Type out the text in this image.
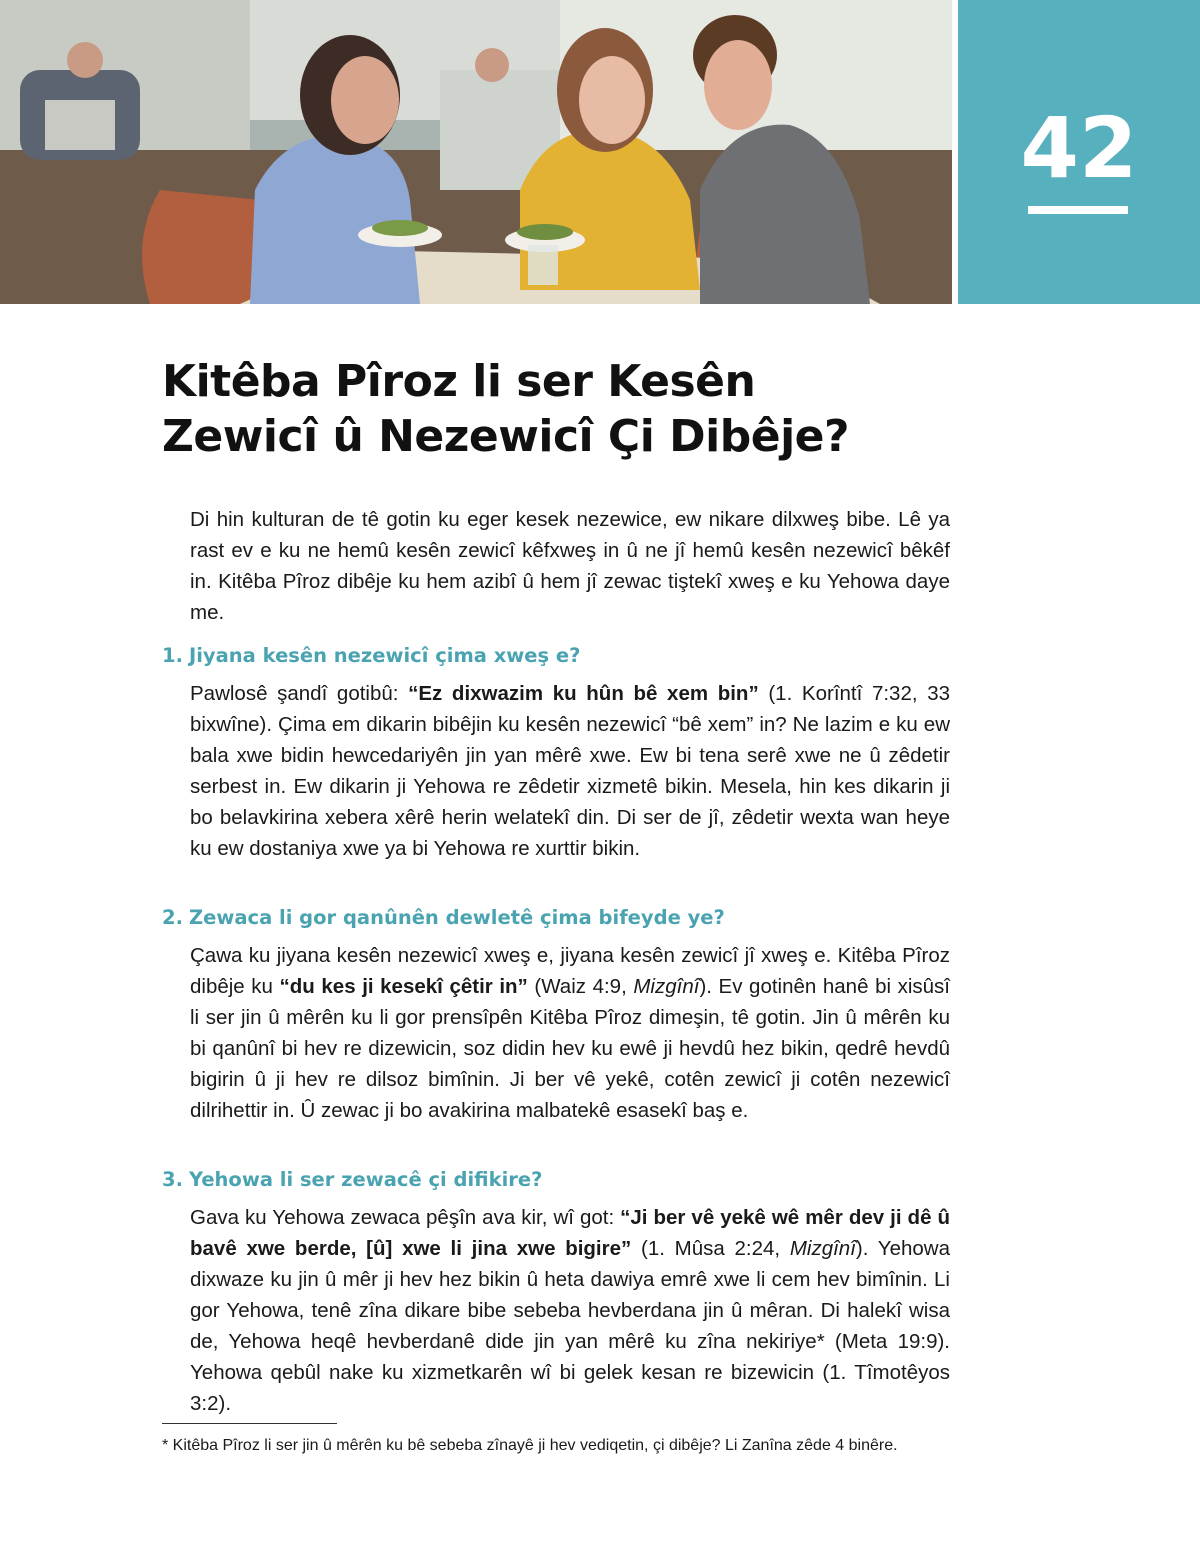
42
Kitêba Pîroz li ser Kesên
Zewicî û Nezewicî Çi Dibêje?

Di hin kulturan de tê gotin ku eger kesek nezewice, ew nikare dilxweş bibe. Lê ya rast ev e ku ne hemû kesên zewicî kêfxweş in û ne jî hemû kesên nezewicî bêkêf in. Kitêba Pîroz dibêje ku hem azibî û hem jî zewac tiştekî xweş e ku Yehowa daye me.

1. Jiyana kesên nezewicî çima xweş e?

Pawlosê şandî gotibû: “Ez dixwazim ku hûn bê xem bin” (1. Korîntî 7:32, 33 bixwîne). Çima em dikarin bibêjin ku kesên nezewicî “bê xem” in? Ne lazim e ku ew bala xwe bidin hewcedariyên jin yan mêrê xwe. Ew bi tena serê xwe ne û zêdetir serbest in. Ew dikarin ji Yehowa re zêdetir xizmetê bikin. Mesela, hin kes dikarin ji bo belavkirina xebera xêrê herin welatekî din. Di ser de jî, zêdetir wexta wan heye ku ew dostaniya xwe ya bi Yehowa re xurttir bikin.

2. Zewaca li gor qanûnên dewletê çima bifeyde ye?

Çawa ku jiyana kesên nezewicî xweş e, jiyana kesên zewicî jî xweş e. Kitêba Pîroz dibêje ku “du kes ji kesekî çêtir in” (Waiz 4:9, Mizgînî). Ev gotinên hanê bi xisûsî li ser jin û mêrên ku li gor prensîpên Kitêba Pîroz dimeşin, tê gotin. Jin û mêrên ku bi qanûnî bi hev re dizewicin, soz didin hev ku ewê ji hevdû hez bikin, qedrê hevdû bigirin û ji hev re dilsoz bimînin. Ji ber vê yekê, cotên zewicî ji cotên nezewicî dilrihettir in. Û zewac ji bo avakirina malbatekê esasekî baş e.

3. Yehowa li ser zewacê çi difikire?

Gava ku Yehowa zewaca pêşîn ava kir, wî got: “Ji ber vê yekê wê mêr dev ji dê û bavê xwe berde, [û] xwe li jina xwe bigire” (1. Mûsa 2:24, Mizgînî). Yehowa dixwaze ku jin û mêr ji hev hez bikin û heta dawiya emrê xwe li cem hev bimînin. Li gor Yehowa, tenê zîna dikare bibe sebeba hevberdana jin û mêran. Di halekî wisa de, Yehowa heqê hevberdanê dide jin yan mêrê ku zîna nekiriye* (Meta 19:9). Yehowa qebûl nake ku xizmetkarên wî bi gelek kesan re bizewicin (1. Tîmotêyos 3:2).

* Kitêba Pîroz li ser jin û mêrên ku bê sebeba zînayê ji hev vediqetin, çi dibêje? Li Zanîna zêde 4 binêre.
